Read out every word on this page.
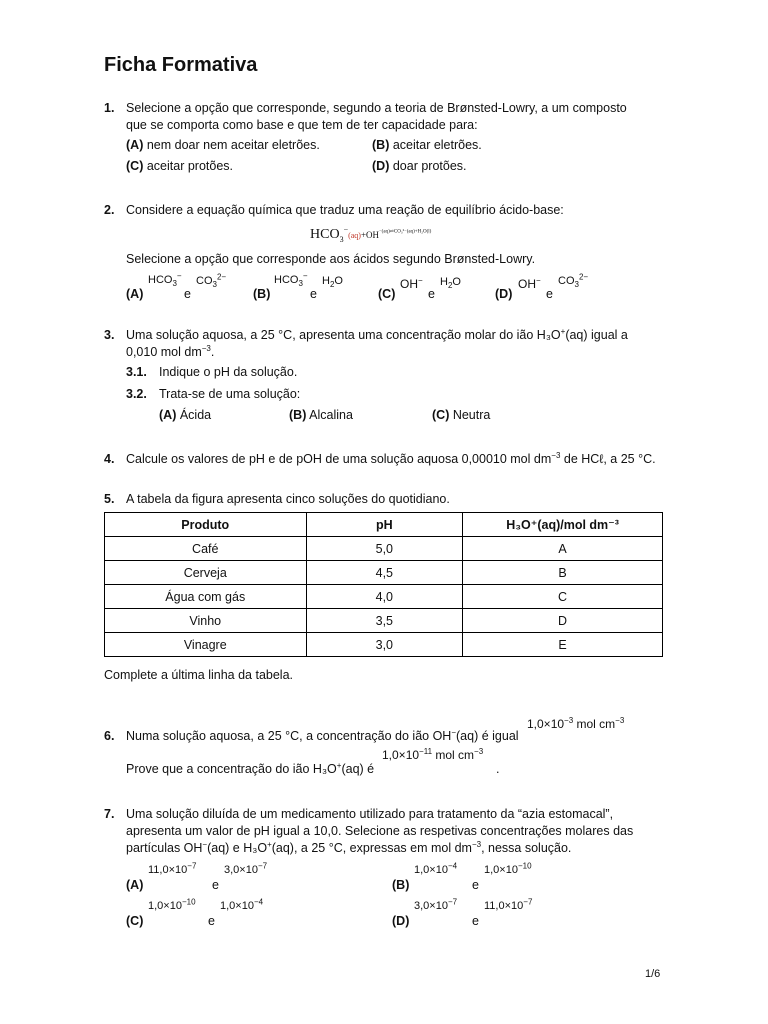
Ficha Formativa
1. Selecione a opção que corresponde, segundo a teoria de Brønsted-Lowry, a um composto
que se comporta como base e que tem de ter capacidade para:
(A) nem doar nem aceitar eletrões.	(B) aceitar eletrões.
(C) aceitar protões.	(D) doar protões.
2. Considere a equação química que traduz uma reação de equilíbrio ácido-base:
$HCO_3^-(aq)+OH^{^-(aq)\rightleftharpoons CO_3^{2-}(aq)+H_2O(l)}$
Selecione a opção que corresponde aos ácidos segundo Brønsted-Lowry.
(A)
$HCO_3^-$
e
$CO_3^{2-}$
(B)
$HCO_3^-$
e
$H_2O$
(C)
OH−
e
$H_2O$
(D)
OH−
e
$CO_3^{2-}$
3. Uma solução aquosa, a 25 °C, apresenta uma concentração molar do ião H₃O+(aq) igual a
0,010 mol $dm^{-3}$.
3.1. Indique o pH da solução.
3.2. Trata-se de uma solução:
(A) Ácida	(B) Alcalina	(C) Neutra
4. Calcule os valores de pH e de pOH de uma solução aquosa 0,00010 mol $dm^{-3}$ de HCℓ, a 25 °C.
5. A tabela da figura apresenta cinco soluções do quotidiano.
Produto	pH	H₃O⁺(aq)/mol dm⁻³
Café	5,0	A
Cerveja	4,5	B
Água com gás	4,0	C
Vinho	3,5	D
Vinagre	3,0	E
Complete a última linha da tabela.
$1,0\times 10^{-3}$ mol $cm^{-3}$
6. Numa solução aquosa, a 25 °C, a concentração do ião OH−(aq) é igual
$1,0\times 10^{-11}$ mol $cm^{-3}$
Prove que a concentração do ião H₃O+(aq) é	.
7. Uma solução diluída de um medicamento utilizado para tratamento da “azia estomacal”,
apresenta um valor de pH igual a 10,0. Selecione as respetivas concentrações molares das
partículas OH−(aq) e H₃O+(aq), a 25 °C, expressas em mol $dm^{-3}$, nessa solução.
(A)
$11,0\times 10^{-7}$
e
$3,0\times 10^{-7}$
(B)
$1,0\times 10^{-4}$
e
$1,0\times 10^{-10}$
(C)
$1,0\times 10^{-10}$
e
$1,0\times 10^{-4}$
(D)
$3,0\times 10^{-7}$
e
$11,0\times 10^{-7}$
1/6
